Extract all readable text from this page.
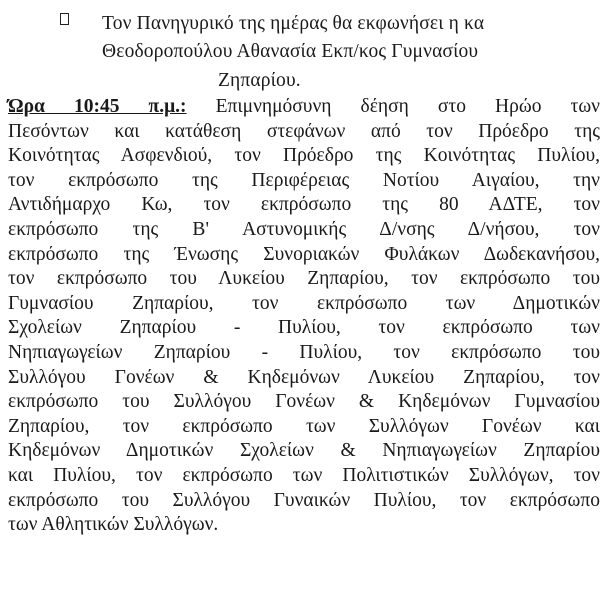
Τον Πανηγυρικό της ημέρας θα εκφωνήσει η κα
Θεοδοροπούλου Αθανασία Εκπ/κος Γυμνασίου
Ζηπαρίου.
Ώρα 10:45 π.μ.: Επιμνημόσυνη δέηση στο Ηρώο των
Πεσόντων και κατάθεση στεφάνων από τον Πρόεδρο της
Κοινότητας Ασφενδιού, τον Πρόεδρο της Κοινότητας Πυλίου,
τον εκπρόσωπο της Περιφέρειας Νοτίου Αιγαίου, την
Αντιδήμαρχο Κω, τον εκπρόσωπο της 80 ΑΔΤΕ, τον
εκπρόσωπο της Β' Αστυνομικής Δ/νσης Δ/νήσου, τον
εκπρόσωπο της Ένωσης Συνοριακών Φυλάκων Δωδεκανήσου,
τον εκπρόσωπο του Λυκείου Ζηπαρίου, τον εκπρόσωπο του
Γυμνασίου Ζηπαρίου, τον εκπρόσωπο των Δημοτικών
Σχολείων Ζηπαρίου - Πυλίου, τον εκπρόσωπο των
Νηπιαγωγείων Ζηπαρίου - Πυλίου, τον εκπρόσωπο του
Συλλόγου Γονέων & Κηδεμόνων Λυκείου Ζηπαρίου, τον
εκπρόσωπο του Συλλόγου Γονέων & Κηδεμόνων Γυμνασίου
Ζηπαρίου, τον εκπρόσωπο των Συλλόγων Γονέων και
Κηδεμόνων Δημοτικών Σχολείων & Νηπιαγωγείων Ζηπαρίου
και Πυλίου, τον εκπρόσωπο των Πολιτιστικών Συλλόγων, τον
εκπρόσωπο του Συλλόγου Γυναικών Πυλίου, τον εκπρόσωπο
των Αθλητικών Συλλόγων.
